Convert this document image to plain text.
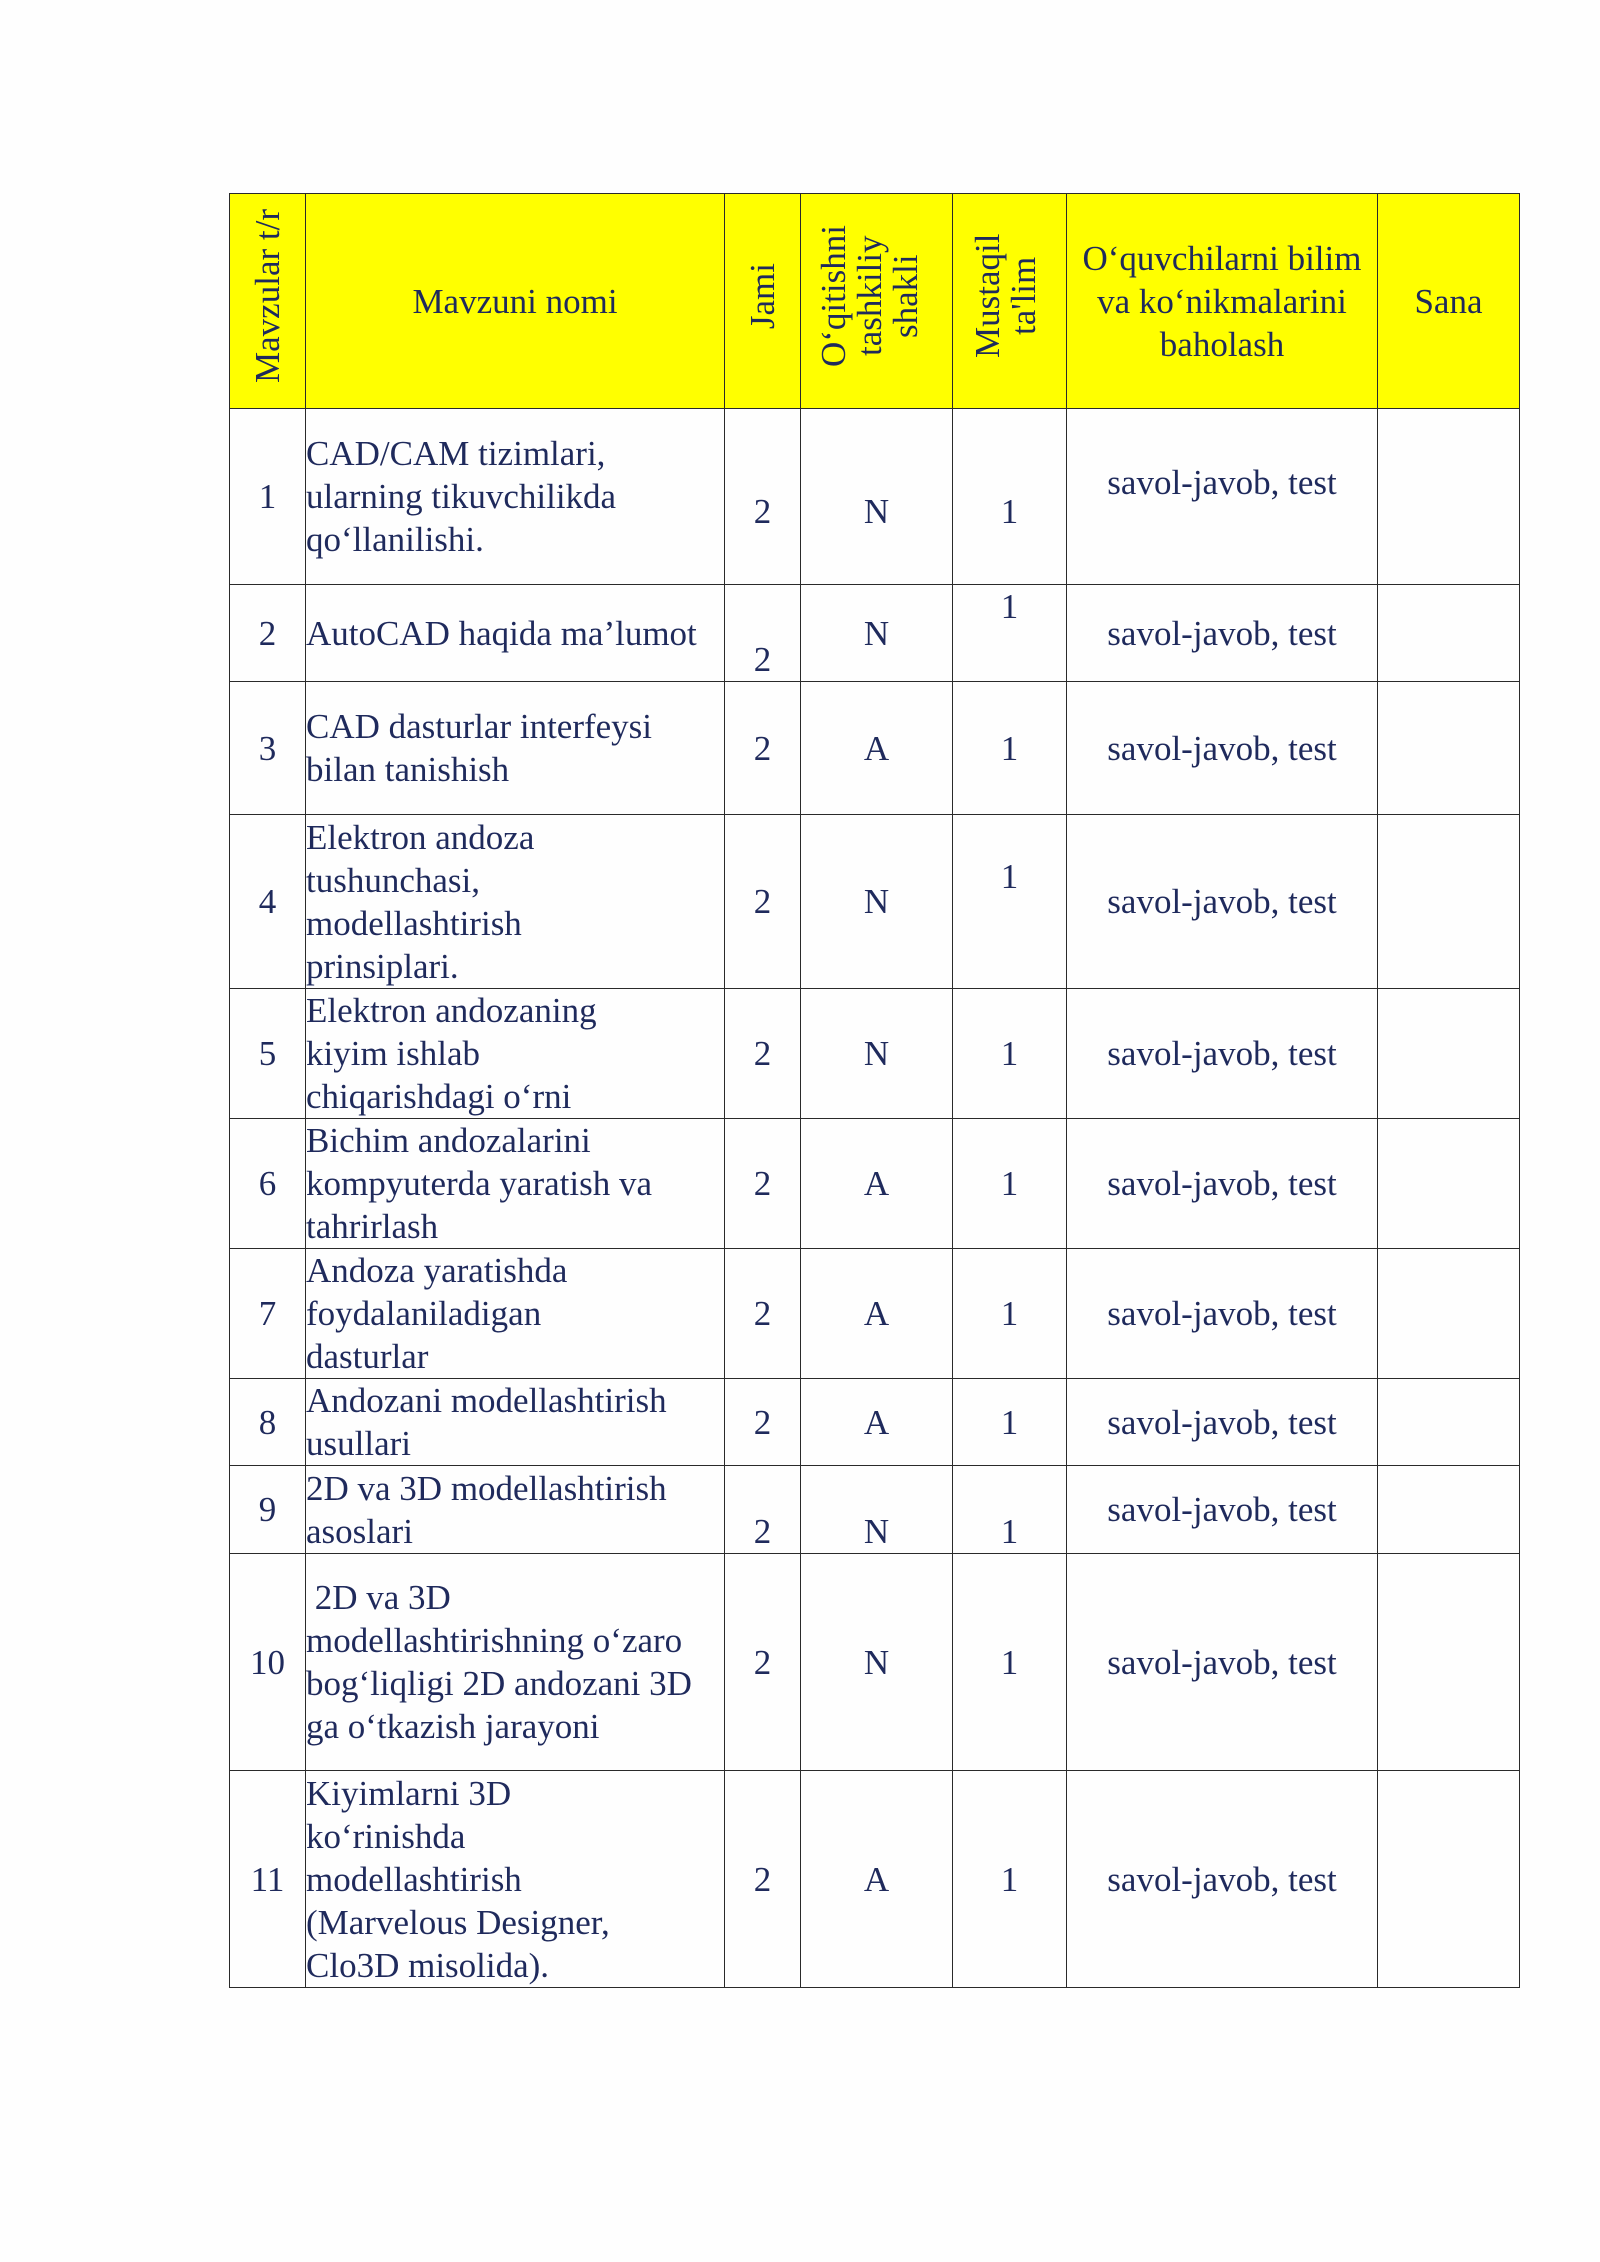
Mavzular t/r	Mavzuni nomi	Jami	O‘qitishni tashkiliy shakli	Mustaqil ta'lim	O‘quvchilarni bilim va ko‘nikmalarini baholash	Sana
1	CAD/CAM tizimlari, ularning tikuvchilikda qo‘llanilishi.	2	N	1	savol-javob, test	
2	AutoCAD haqida ma’lumot	2	N	1	savol-javob, test	
3	CAD dasturlar interfeysi bilan tanishish	2	A	1	savol-javob, test	
4	Elektron andoza tushunchasi, modellashtirish prinsiplari.	2	N	1	savol-javob, test	
5	Elektron andozaning kiyim ishlab chiqarishdagi o‘rni	2	N	1	savol-javob, test	
6	Bichim andozalarini kompyuterda yaratish va tahrirlash	2	A	1	savol-javob, test	
7	Andoza yaratishda foydalaniladigan dasturlar	2	A	1	savol-javob, test	
8	Andozani modellashtirish usullari	2	A	1	savol-javob, test	
9	2D va 3D modellashtirish asoslari	2	N	1	savol-javob, test	
10	2D va 3D modellashtirishning o‘zaro bog‘liqligi 2D andozani 3D ga o‘tkazish jarayoni	2	N	1	savol-javob, test	
11	Kiyimlarni 3D ko‘rinishda modellashtirish (Marvelous Designer, Clo3D misolida).	2	A	1	savol-javob, test	
